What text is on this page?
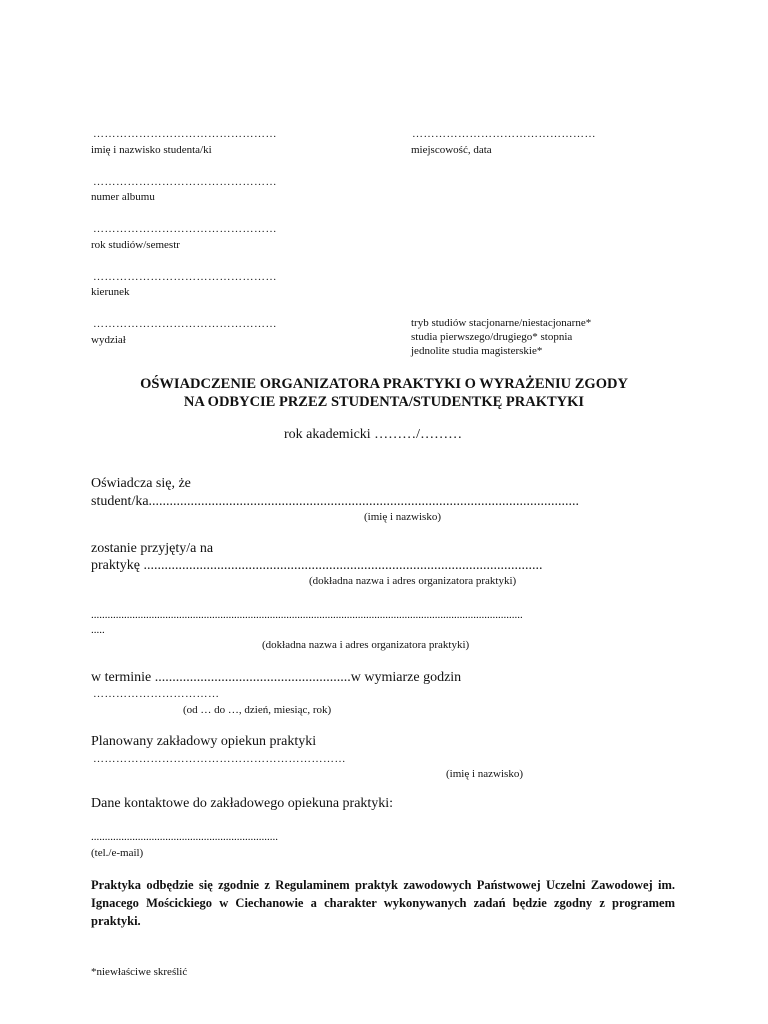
…………………………………………
imię i nazwisko studenta/ki
…………………………………………
numer albumu
…………………………………………
rok studiów/semestr
…………………………………………
kierunek
…………………………………………
wydział
…………………………………………
miejscowość, data
tryb studiów stacjonarne/niestacjonarne*
studia pierwszego/drugiego* stopnia
jednolite studia magisterskie*
OŚWIADCZENIE ORGANIZATORA PRAKTYKI O WYRAŻENIU ZGODY
NA ODBYCIE PRZEZ STUDENTA/STUDENTKĘ PRAKTYKI
rok akademicki ………/………
Oświadcza się, że
student/ka...........................................................................................................................
(imię i nazwisko)
zostanie przyjęty/a na
praktykę ..................................................................................................................
(dokładna nazwa i adres organizatora praktyki)
.............................................................................................................................................................
.....
(dokładna nazwa i adres organizatora praktyki)
w terminie ........................................................w wymiarze godzin
……………………………
(od … do …, dzień, miesiąc, rok)
Planowany zakładowy opiekun praktyki
…………………………………………………………
(imię i nazwisko)
Dane kontaktowe do zakładowego opiekuna praktyki:
....................................................................
(tel./e-mail)
Praktyka odbędzie się zgodnie z Regulaminem praktyk zawodowych Państwowej Uczelni Zawodowej im. Ignacego Mościckiego w Ciechanowie a charakter wykonywanych zadań będzie zgodny z programem praktyki.
*niewłaściwe skreślić
